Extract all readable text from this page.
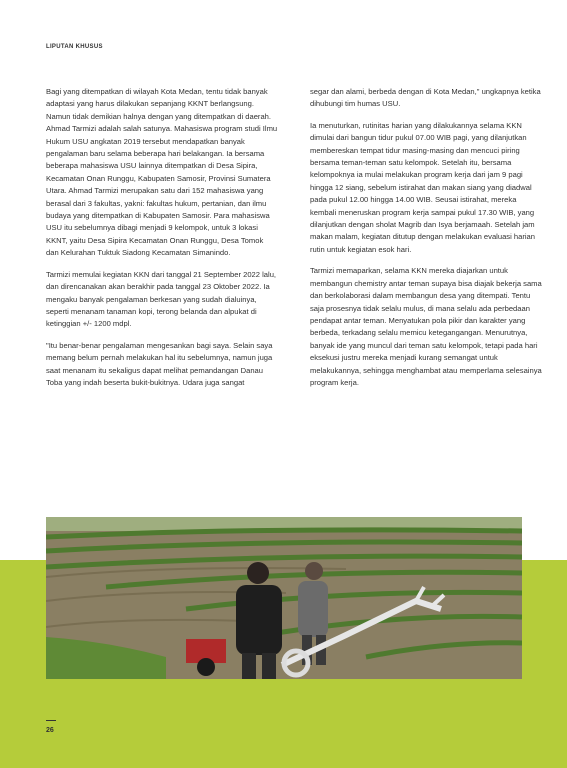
LIPUTAN KHUSUS

Bagi yang ditempatkan di wilayah Kota Medan, tentu tidak banyak adaptasi yang harus dilakukan sepanjang KKNT berlangsung. Namun tidak demikian halnya dengan yang ditempatkan di daerah. Ahmad Tarmizi adalah salah satunya. Mahasiswa program studi Ilmu Hukum USU angkatan 2019 tersebut mendapatkan banyak pengalaman baru selama beberapa hari belakangan. Ia bersama beberapa mahasiswa USU lainnya ditempatkan di Desa Sipira, Kecamatan Onan Runggu, Kabupaten Samosir, Provinsi Sumatera Utara. Ahmad Tarmizi merupakan satu dari 152 mahasiswa yang berasal dari 3 fakultas, yakni: fakultas hukum, pertanian, dan ilmu budaya yang ditempatkan di Kabupaten Samosir. Para mahasiswa USU itu sebelumnya dibagi menjadi 9 kelompok, untuk 3 lokasi KKNT, yaitu Desa Sipira Kecamatan Onan Runggu, Desa Tomok dan Kelurahan Tuktuk Siadong Kecamatan Simanindo.

Tarmizi memulai kegiatan KKN dari tanggal 21 September 2022 lalu, dan direncanakan akan berakhir pada tanggal 23 Oktober 2022. Ia mengaku banyak pengalaman berkesan yang sudah dialuinya, seperti menanam tanaman kopi, terong belanda dan alpukat di ketinggian +/- 1200 mdpl.

"Itu benar-benar pengalaman mengesankan bagi saya. Selain saya memang belum pernah melakukan hal itu sebelumnya, namun juga saat menanam itu sekaligus dapat melihat pemandangan Danau Toba yang indah beserta bukit-bukitnya. Udara juga sangat

segar dan alami, berbeda dengan di Kota Medan," ungkapnya ketika dihubungi tim humas USU.

Ia menuturkan, rutinitas harian yang dilakukannya selama KKN dimulai dari bangun tidur pukul 07.00 WIB pagi, yang dilanjutkan membereskan tempat tidur masing-masing dan mencuci piring bersama teman-teman satu kelompok. Setelah itu, bersama kelompoknya ia mulai melakukan program kerja dari jam 9 pagi hingga 12 siang, sebelum istirahat dan makan siang yang diadwal pada pukul 12.00 hingga 14.00 WIB. Seusai istirahat, mereka kembali meneruskan program kerja sampai pukul 17.30 WIB, yang dilanjutkan dengan sholat Magrib dan Isya berjamaah. Setelah jam makan malam, kegiatan ditutup dengan melakukan evaluasi harian rutin untuk kegiatan esok hari.

Tarmizi memaparkan, selama KKN mereka diajarkan untuk membangun chemistry antar teman supaya bisa diajak bekerja sama dan berkolaborasi dalam membangun desa yang ditempati. Tentu saja prosesnya tidak selalu mulus, di mana selalu ada perbedaan pendapat antar teman. Menyatukan pola pikir dan karakter yang berbeda, terkadang selalu memicu ketegangangan. Menurutnya, banyak ide yang muncul dari teman satu kelompok, tetapi pada hari eksekusi justru mereka menjadi kurang semangat untuk melakukannya, sehingga menghambat atau memperlama selesainya program kerja.

26
